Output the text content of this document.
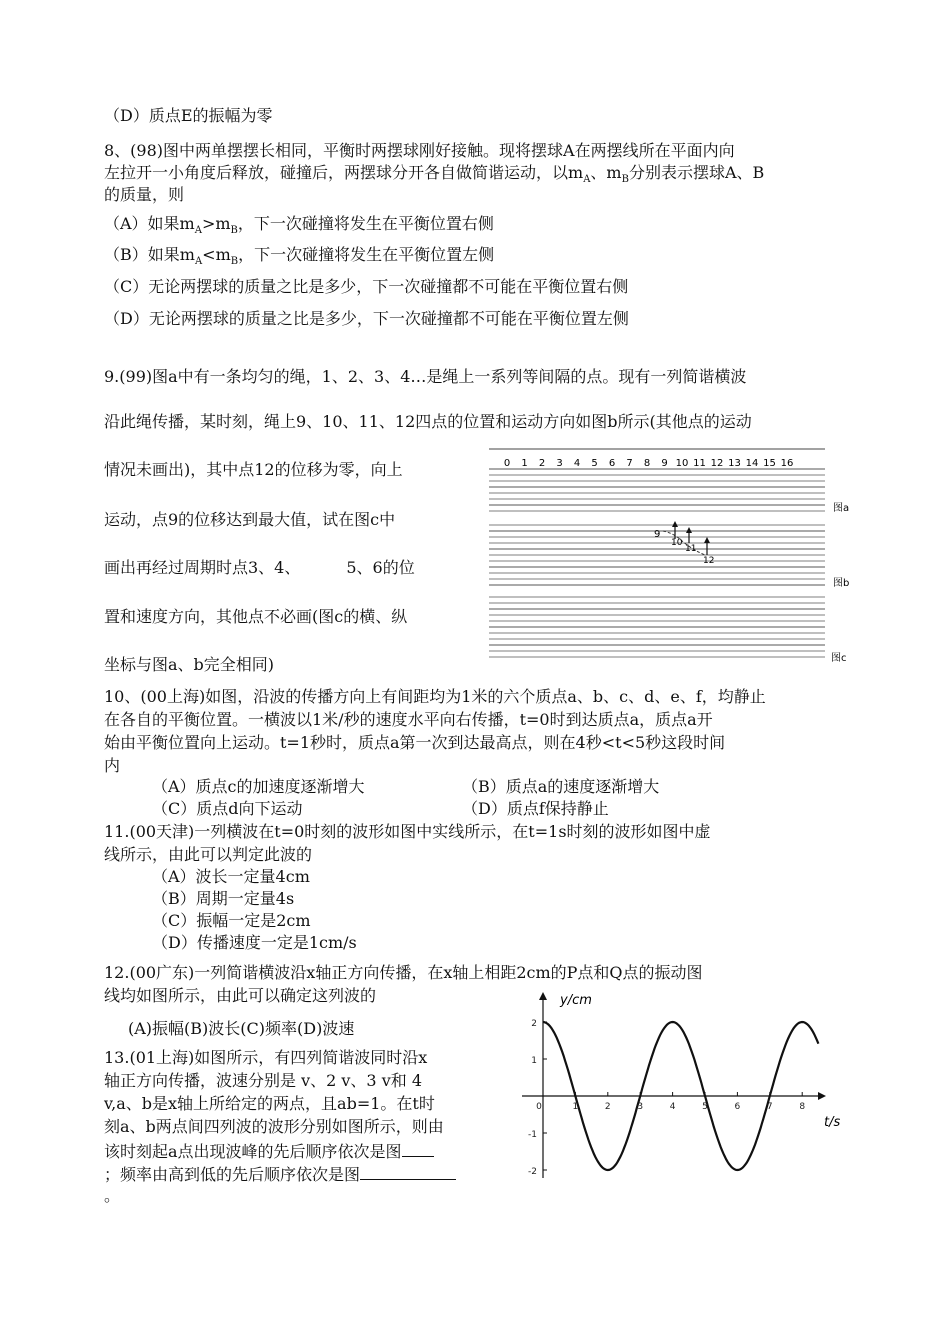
（D）质点E的振幅为零
8、(98)图中两单摆摆长相同，平衡时两摆球刚好接触。现将摆球A在两摆线所在平面内向
左拉开一小角度后释放，碰撞后，两摆球分开各自做简谐运动，以$m_A$、$m_B$分别表示摆球A、B
的质量，则
（A）如果$m_A>m_B$，下一次碰撞将发生在平衡位置右侧
（B）如果$m_A<m_B$，下一次碰撞将发生在平衡位置左侧
（C）无论两摆球的质量之比是多少，下一次碰撞都不可能在平衡位置右侧
（D）无论两摆球的质量之比是多少，下一次碰撞都不可能在平衡位置左侧
9.(99)图a中有一条均匀的绳，1、2、3、4…是绳上一系列等间隔的点。现有一列简谐横波
沿此绳传播，某时刻，绳上9、10、11、12四点的位置和运动方向如图b所示(其他点的运动
情况未画出)，其中点12的位移为零，向上
运动，点9的位移达到最大值，试在图c中
画出再经过周期时点3、4、	5、6的位
置和速度方向，其他点不必画(图c的横、纵
坐标与图a、b完全相同)
0 1 2 3 4 5 6 7 8 9 10 11 12 13 14 15 16
图a
图b
图c
9
10
11
12
10、(00上海)如图，沿波的传播方向上有间距均为1米的六个质点a、b、c、d、e、f，均静止
在各自的平衡位置。一横波以1米/秒的速度水平向右传播，t=0时到达质点a，质点a开
始由平衡位置向上运动。t=1秒时，质点a第一次到达最高点，则在4秒<t<5秒这段时间
内
（A）质点c的加速度逐渐增大	（B）质点a的速度逐渐增大
（C）质点d向下运动	（D）质点f保持静止
11.(00天津)一列横波在t=0时刻的波形如图中实线所示，在t=1s时刻的波形如图中虚
线所示，由此可以判定此波的
（A）波长一定量4cm
（B）周期一定量4s
（C）振幅一定是2cm
（D）传播速度一定是1cm/s
12.(00广东)一列简谐横波沿x轴正方向传播，在x轴上相距2cm的P点和Q点的振动图
线均如图所示，由此可以确定这列波的
(A)振幅(B)波长(C)频率(D)波速
13.(01上海)如图所示，有四列简谐波同时沿x
轴正方向传播，波速分别是 v、2 v、3 v和 4
v,a、b是x轴上所给定的两点，且ab=1。在t时
刻a、b两点间四列波的波形分别如图所示，则由
该时刻起a点出现波峰的先后顺序依次是图
；频率由高到低的先后顺序依次是图
。
0	1	2	3	4	5	6	7	8
2
1
-1
-2
y/cm
t/s
